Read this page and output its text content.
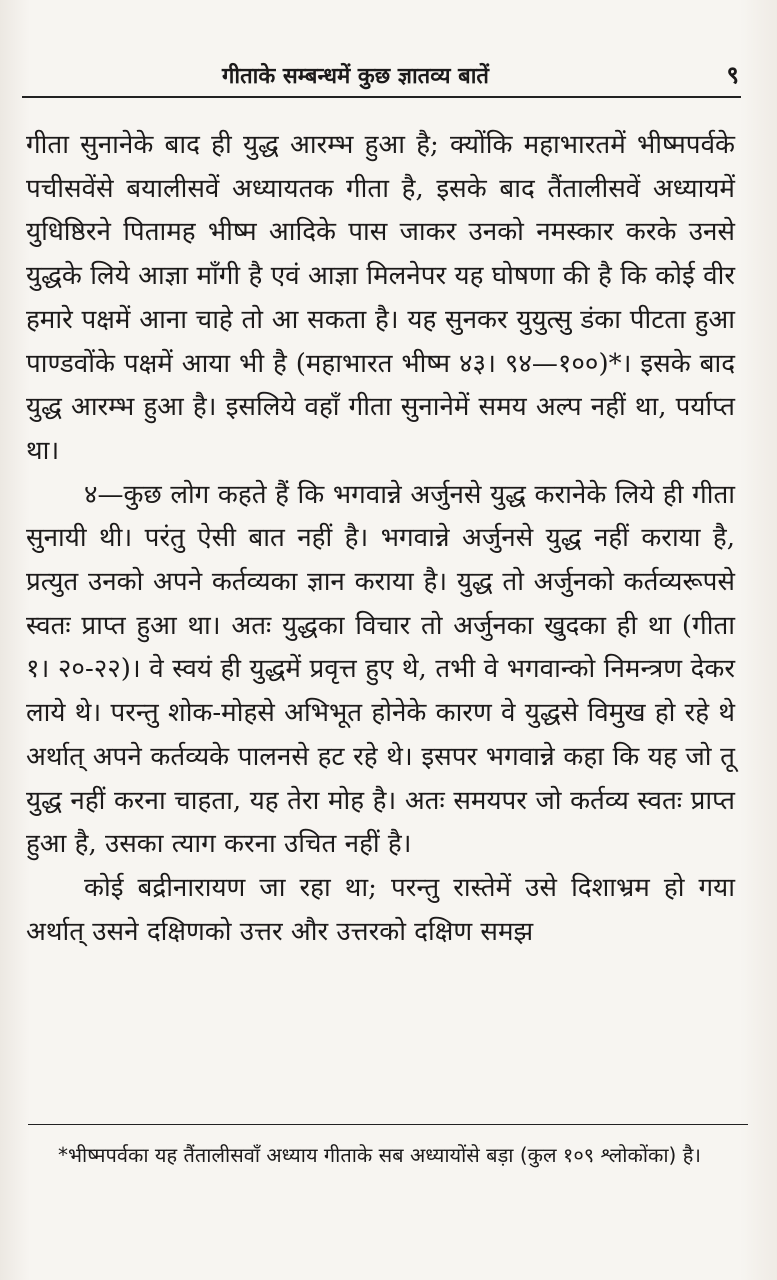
गीताके सम्बन्धमें कुछ ज्ञातव्य बातें	९

गीता सुनानेके बाद ही युद्ध आरम्भ हुआ है; क्योंकि महाभारतमें भीष्मपर्वके पचीसवेंसे बयालीसवें अध्यायतक गीता है, इसके बाद तैंतालीसवें अध्यायमें युधिष्ठिरने पितामह भीष्म आदिके पास जाकर उनको नमस्कार करके उनसे युद्धके लिये आज्ञा माँगी है एवं आज्ञा मिलनेपर यह घोषणा की है कि कोई वीर हमारे पक्षमें आना चाहे तो आ सकता है। यह सुनकर युयुत्सु डंका पीटता हुआ पाण्डवोंके पक्षमें आया भी है (महाभारत भीष्म ४३। ९४—१००)*। इसके बाद युद्ध आरम्भ हुआ है। इसलिये वहाँ गीता सुनानेमें समय अल्प नहीं था, पर्याप्त था।

४—कुछ लोग कहते हैं कि भगवान्ने अर्जुनसे युद्ध करानेके लिये ही गीता सुनायी थी। परंतु ऐसी बात नहीं है। भगवान्ने अर्जुनसे युद्ध नहीं कराया है, प्रत्युत उनको अपने कर्तव्यका ज्ञान कराया है। युद्ध तो अर्जुनको कर्तव्यरूपसे स्वतः प्राप्त हुआ था। अतः युद्धका विचार तो अर्जुनका खुदका ही था (गीता १। २०-२२)। वे स्वयं ही युद्धमें प्रवृत्त हुए थे, तभी वे भगवान्को निमन्त्रण देकर लाये थे। परन्तु शोक-मोहसे अभिभूत होनेके कारण वे युद्धसे विमुख हो रहे थे अर्थात् अपने कर्तव्यके पालनसे हट रहे थे। इसपर भगवान्ने कहा कि यह जो तू युद्ध नहीं करना चाहता, यह तेरा मोह है। अतः समयपर जो कर्तव्य स्वतः प्राप्त हुआ है, उसका त्याग करना उचित नहीं है।

कोई बद्रीनारायण जा रहा था; परन्तु रास्तेमें उसे दिशाभ्रम हो गया अर्थात् उसने दक्षिणको उत्तर और उत्तरको दक्षिण समझ

*भीष्मपर्वका यह तैंतालीसवाँ अध्याय गीताके सब अध्यायोंसे बड़ा (कुल १०९ श्लोकोंका) है।
